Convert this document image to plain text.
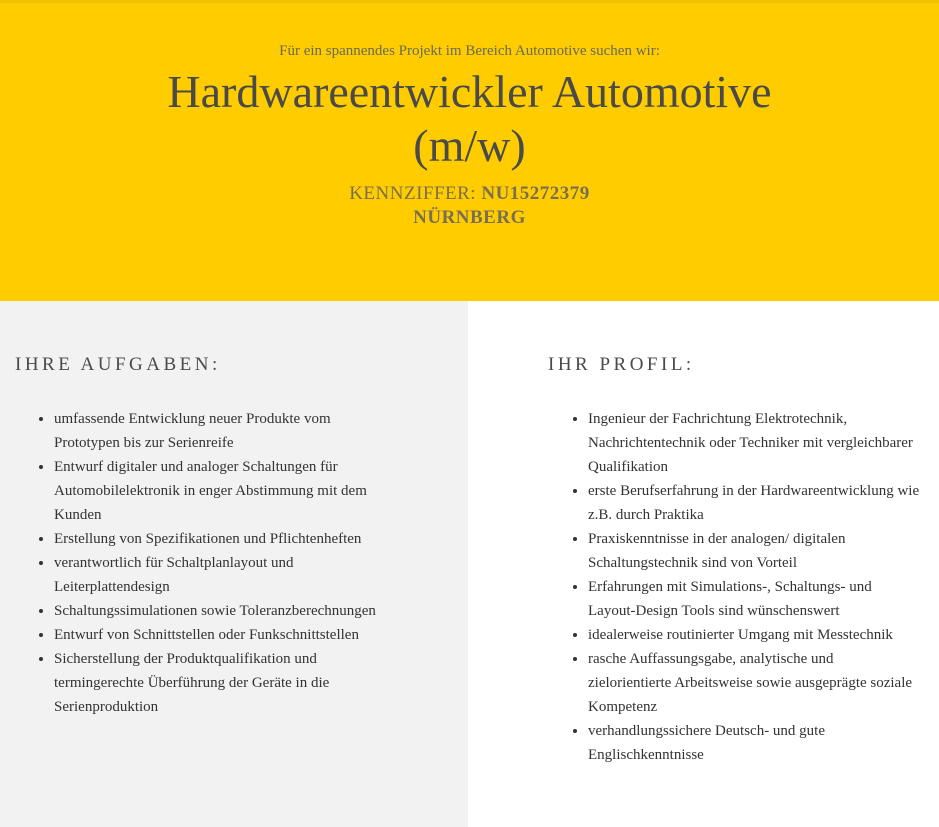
Für ein spannendes Projekt im Bereich Automotive suchen wir:
Hardwareentwickler Automotive (m/w)
KENNZIFFER: NU15272379
NÜRNBERG
IHRE AUFGABEN:
• umfassende Entwicklung neuer Produkte vom Prototypen bis zur Serienreife
• Entwurf digitaler und analoger Schaltungen für Automobilelektronik in enger Abstimmung mit dem Kunden
• Erstellung von Spezifikationen und Pflichtenheften
• verantwortlich für Schaltplanlayout und Leiterplattendesign
• Schaltungssimulationen sowie Toleranzberechnungen
• Entwurf von Schnittstellen oder Funkschnittstellen
• Sicherstellung der Produktqualifikation und termingerechte Überführung der Geräte in die Serienproduktion
IHR PROFIL:
• Ingenieur der Fachrichtung Elektrotechnik, Nachrichtentechnik oder Techniker mit vergleichbarer Qualifikation
• erste Berufserfahrung in der Hardwareentwicklung wie z.B. durch Praktika
• Praxiskenntnisse in der analogen/ digitalen Schaltungstechnik sind von Vorteil
• Erfahrungen mit Simulations-, Schaltungs- und Layout-Design Tools sind wünschenswert
• idealerweise routinierter Umgang mit Messtechnik
• rasche Auffassungsgabe, analytische und zielorientierte Arbeitsweise sowie ausgeprägte soziale Kompetenz
• verhandlungssichere Deutsch- und gute Englischkenntnisse
